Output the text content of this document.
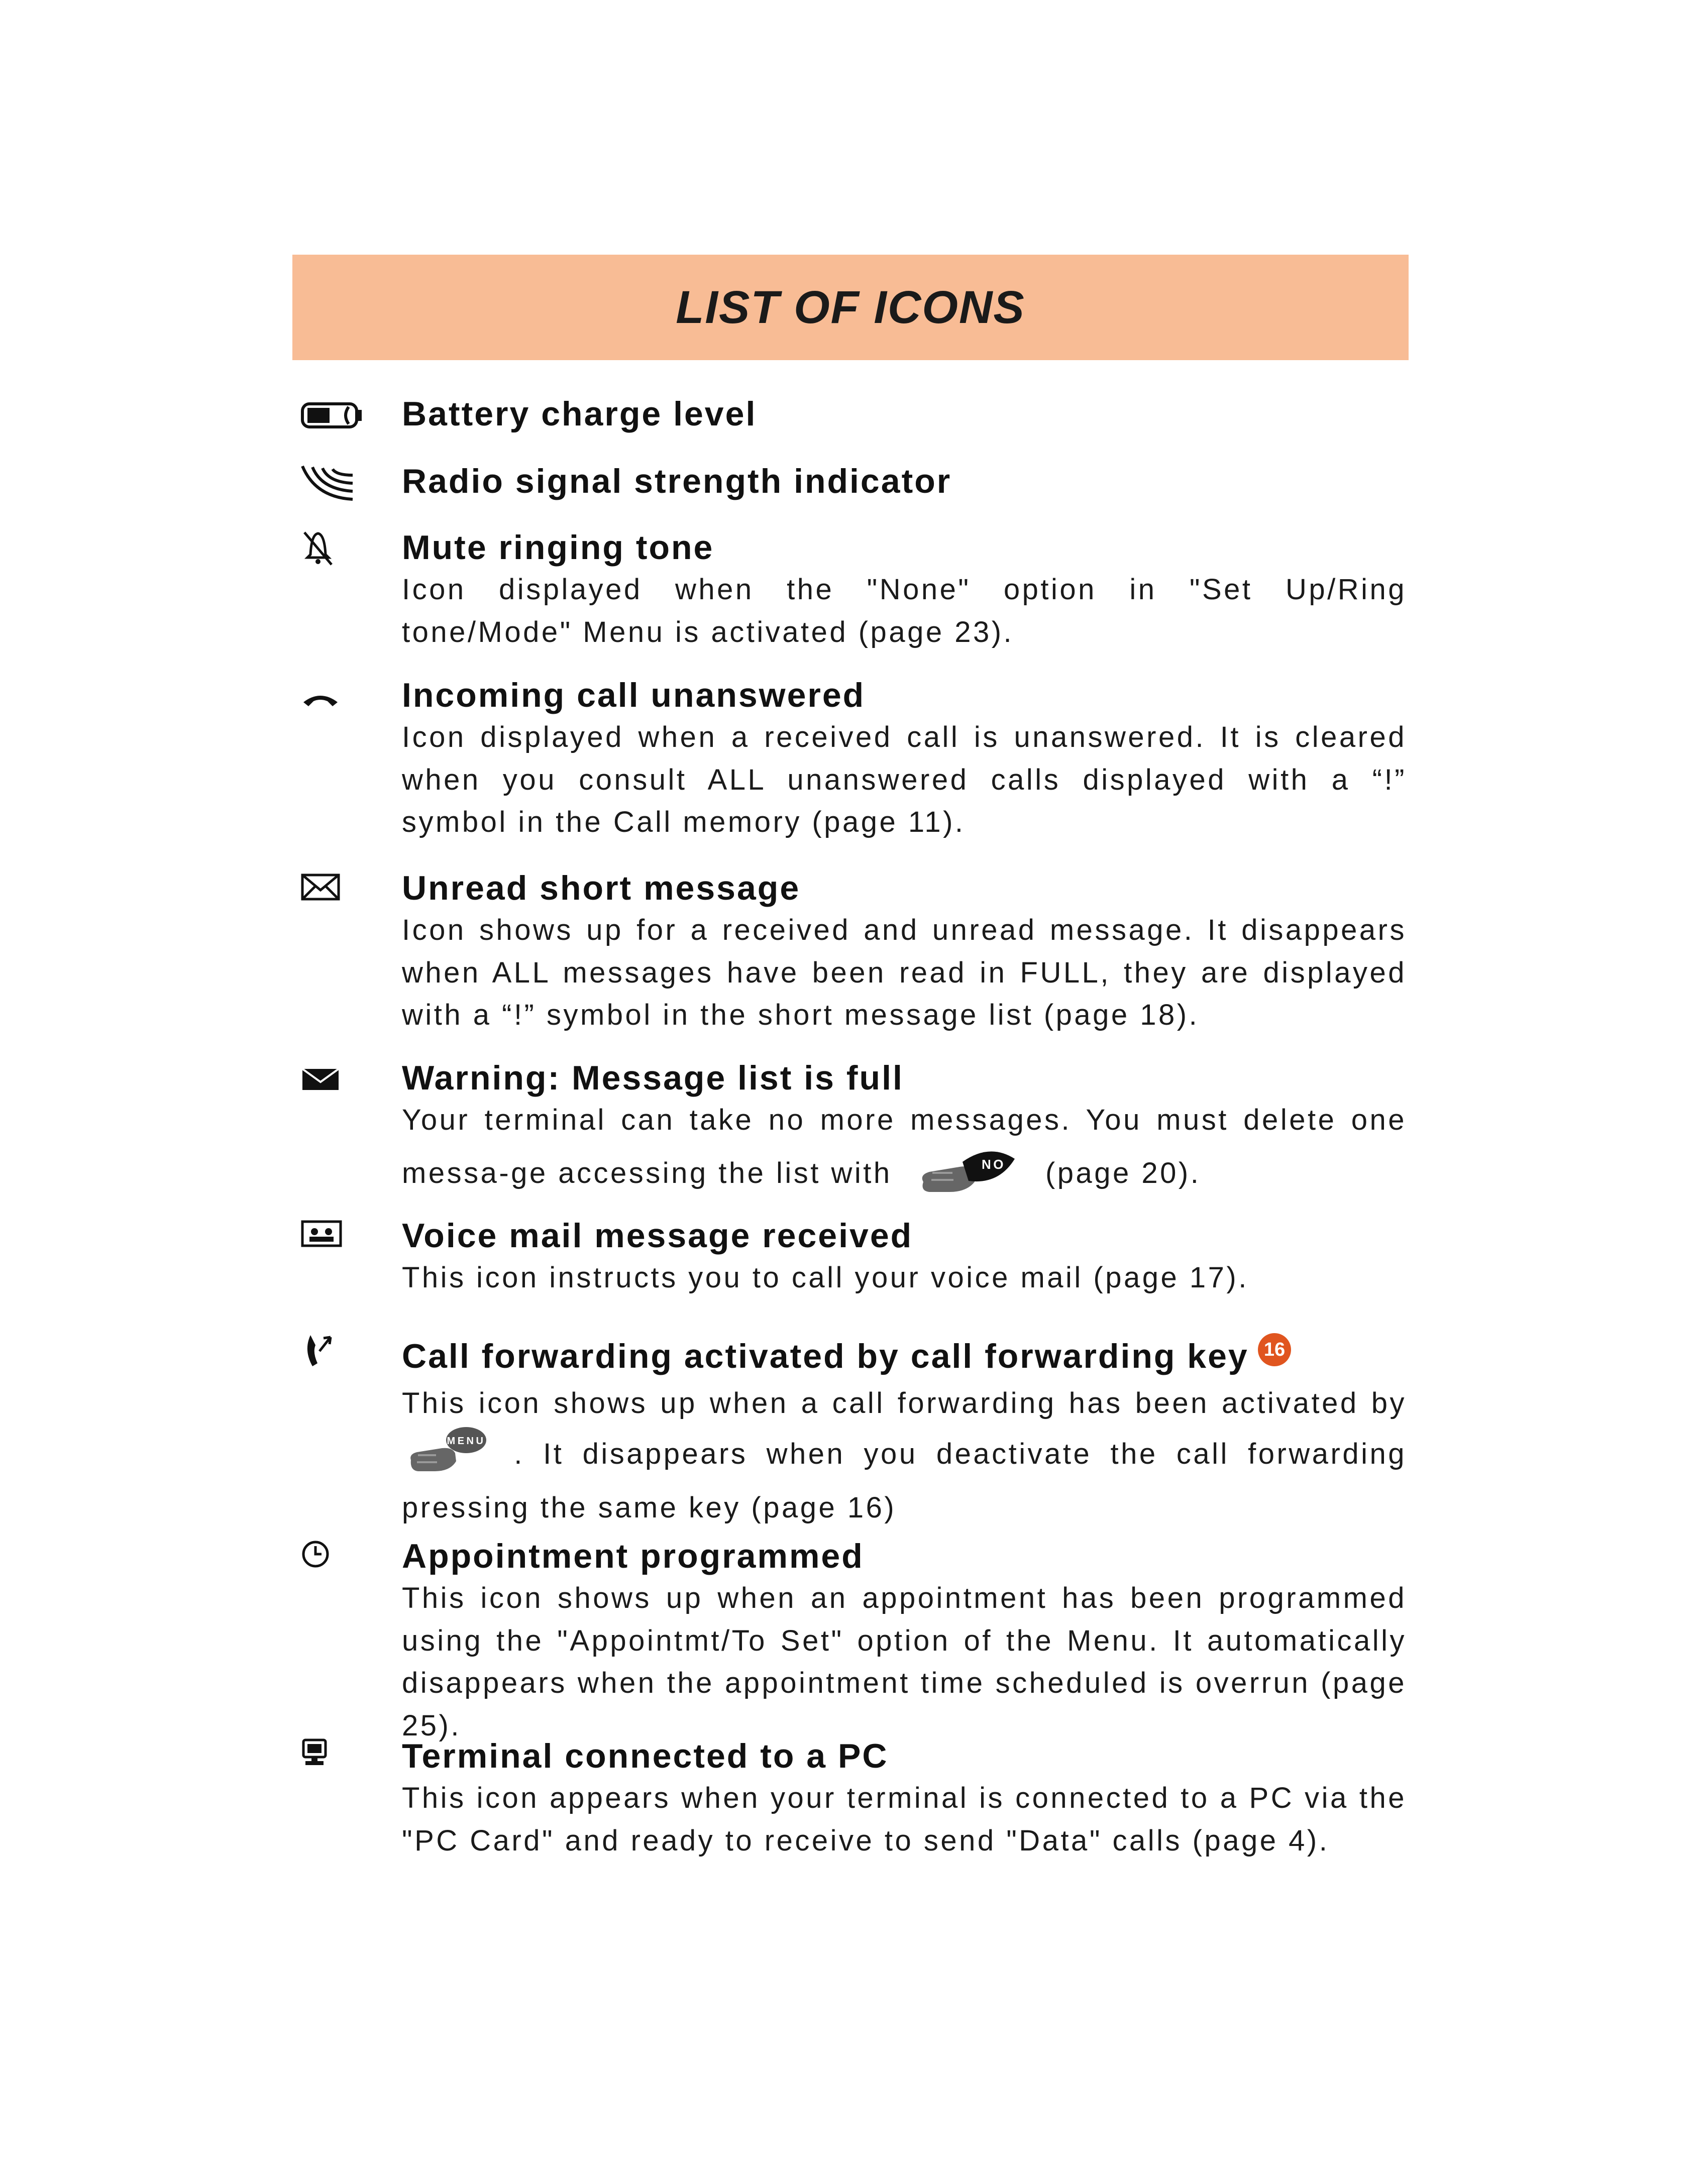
LIST OF ICONS
Battery charge level
Radio signal strength indicator
Mute ringing tone

Icon displayed when the "None" option in "Set Up/Ring tone/Mode" Menu is activated (page 23).

Incoming call unanswered

Icon displayed when a received call is unanswered. It is cleared when you consult ALL unanswered calls displayed with a “!” symbol in the Call memory (page 11).

Unread short message

Icon shows up for a received and unread message. It disappears when ALL messages have been read in FULL, they are displayed with a “!” symbol in the short message list (page 18).

Warning: Message list is full

Your terminal can take no more messages. You must delete one messa-ge accessing the list with	NO (page 20).

Voice mail message received

This icon instructs you to call your voice mail (page 17).

Call forwarding activated by call forwarding key 16

This icon shows up when a call forwarding has been activated by
MENU . It disappears when you deactivate the call forwarding pressing the same key (page 16)

Appointment programmed

This icon shows up when an appointment has been programmed using the "Appointmt/To Set" option of the Menu. It automatically disappears when the appointment time scheduled is overrun (page 25).

Terminal connected to a PC

This icon appears when your terminal is connected to a PC via the "PC Card" and ready to receive to send "Data" calls (page 4).
